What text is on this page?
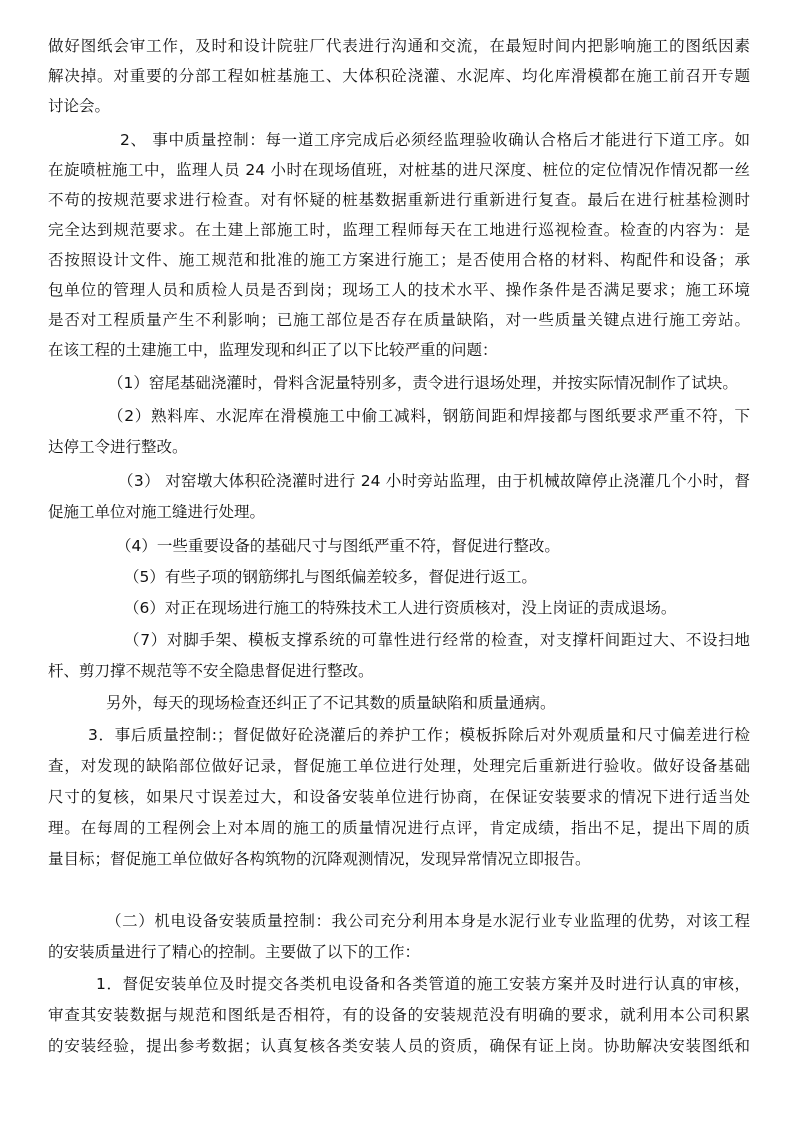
做好图纸会审工作，及时和设计院驻厂代表进行沟通和交流，在最短时间内把影响施工的图纸因素
解决掉。对重要的分部工程如桩基施工、大体积砼浇灌、水泥库、均化库滑模都在施工前召开专题
讨论会。
2、 事中质量控制：每一道工序完成后必须经监理验收确认合格后才能进行下道工序。如
在旋喷桩施工中，监理人员 24 小时在现场值班，对桩基的进尺深度、桩位的定位情况作情况都一丝
不苟的按规范要求进行检查。对有怀疑的桩基数据重新进行重新进行复查。最后在进行桩基检测时
完全达到规范要求。在土建上部施工时，监理工程师每天在工地进行巡视检查。检查的内容为：是
否按照设计文件、施工规范和批准的施工方案进行施工；是否使用合格的材料、构配件和设备；承
包单位的管理人员和质检人员是否到岗；现场工人的技术水平、操作条件是否满足要求；施工环境
是否对工程质量产生不利影响；已施工部位是否存在质量缺陷，对一些质量关键点进行施工旁站。
在该工程的土建施工中，监理发现和纠正了以下比较严重的问题：
（1）窑尾基础浇灌时，骨料含泥量特别多，责令进行退场处理，并按实际情况制作了试块。
（2）熟料库、水泥库在滑模施工中偷工减料，钢筋间距和焊接都与图纸要求严重不符，下
达停工令进行整改。
（3） 对窑墩大体积砼浇灌时进行 24 小时旁站监理，由于机械故障停止浇灌几个小时，督
促施工单位对施工缝进行处理。
（4）一些重要设备的基础尺寸与图纸严重不符，督促进行整改。
（5）有些子项的钢筋绑扎与图纸偏差较多，督促进行返工。
（6）对正在现场进行施工的特殊技术工人进行资质核对，没上岗证的责成退场。
（7）对脚手架、模板支撑系统的可靠性进行经常的检查，对支撑杆间距过大、不设扫地
杆、剪刀撑不规范等不安全隐患督促进行整改。
另外，每天的现场检查还纠正了不记其数的质量缺陷和质量通病。
3．事后质量控制:；督促做好砼浇灌后的养护工作；模板拆除后对外观质量和尺寸偏差进行检
查，对发现的缺陷部位做好记录，督促施工单位进行处理，处理完后重新进行验收。做好设备基础
尺寸的复核，如果尺寸误差过大，和设备安装单位进行协商，在保证安装要求的情况下进行适当处
理。在每周的工程例会上对本周的施工的质量情况进行点评，肯定成绩，指出不足，提出下周的质
量目标；督促施工单位做好各构筑物的沉降观测情况，发现异常情况立即报告。
（二）机电设备安装质量控制：我公司充分利用本身是水泥行业专业监理的优势，对该工程
的安装质量进行了精心的控制。主要做了以下的工作：
1．督促安装单位及时提交各类机电设备和各类管道的施工安装方案并及时进行认真的审核，
审查其安装数据与规范和图纸是否相符，有的设备的安装规范没有明确的要求，就利用本公司积累
的安装经验，提出参考数据；认真复核各类安装人员的资质，确保有证上岗。协助解决安装图纸和
